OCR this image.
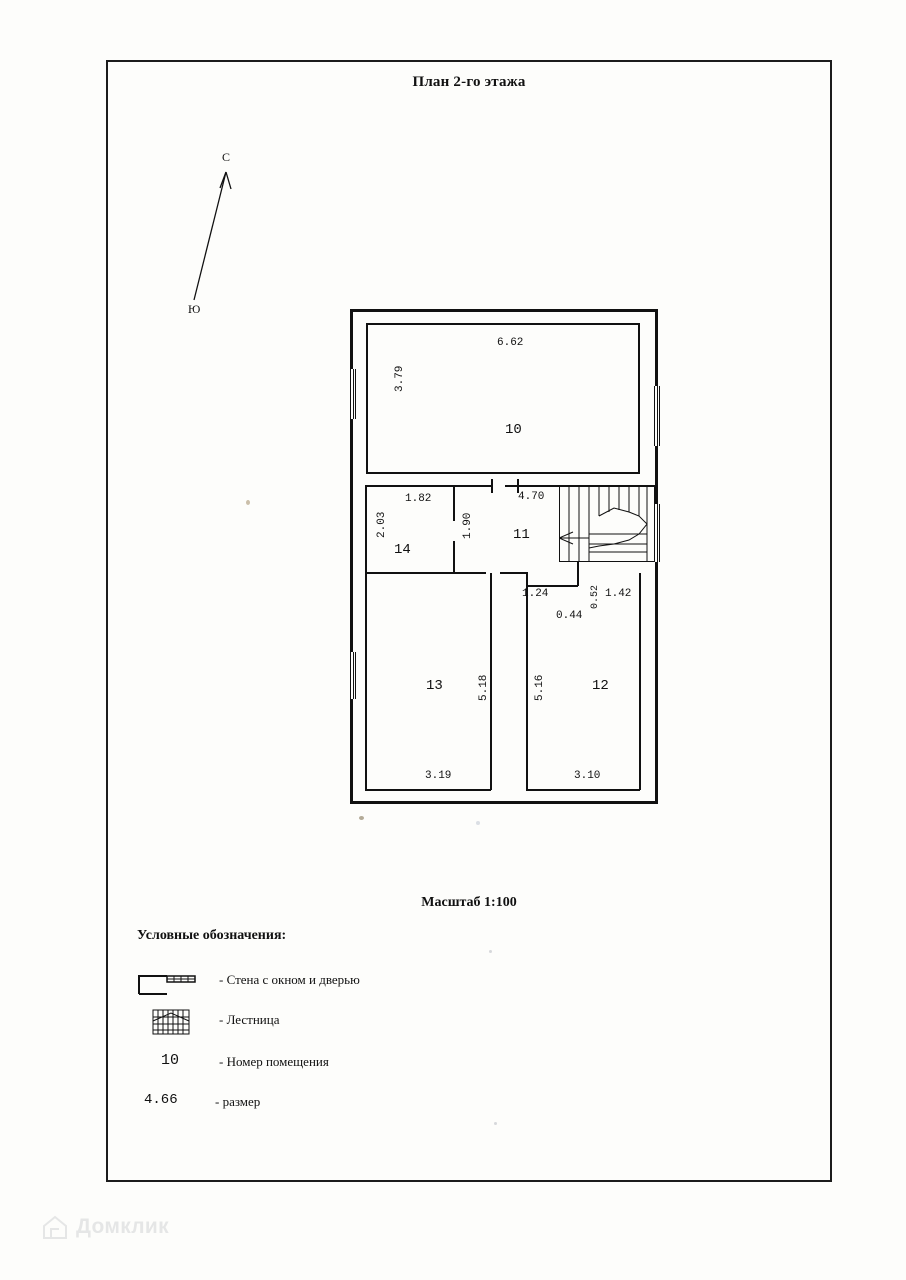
План 2-го этажа
С
Ю
6.62
3.79
10
1.82
2.03
14
1.90
4.70
11
13	5.18
3.19
12
5.16
3.10
1.24	0.52 1.42
0.44
Масштаб 1:100
Условные обозначения:
- Стена с окном и дверью
- Лестница
10	- Номер помещения
4.66	- размер
Домклик
